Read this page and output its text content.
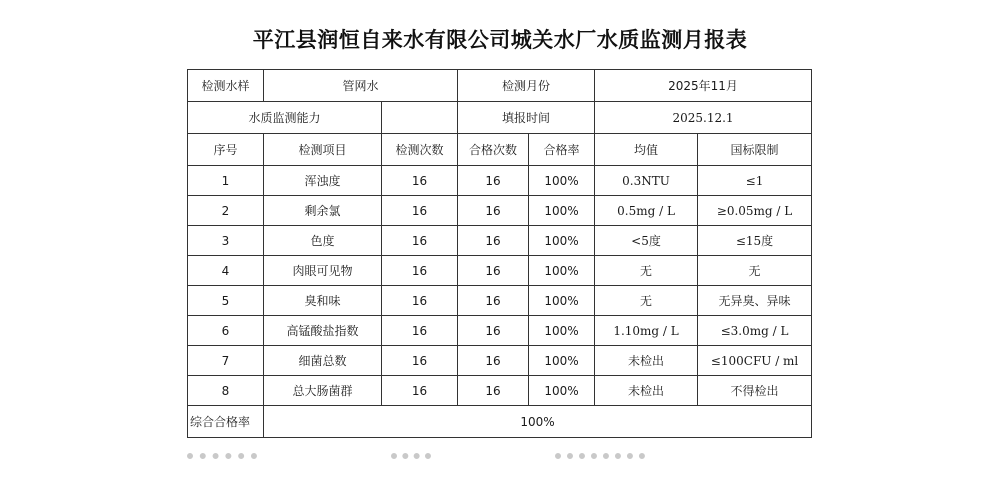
平江县润恒自来水有限公司城关水厂水质监测月报表
检测水样	管网水		检测月份		2025年11月	
水质监测能力			填报时间		2025.12.1	
序号	检测项目	检测次数	合格次数	合格率	均值	国标限制
1	浑浊度	16	16	100%	0.3NTU	≤1
2	剩余氯	16	16	100%	0.5mg / L	≥0.05mg / L
3	色度	16	16	100%	<5度	≤15度
4	肉眼可见物	16	16	100%	无	无
5	臭和味	16	16	100%	无	无异臭、异味
6	高锰酸盐指数	16	16	100%	1.10mg / L	≤3.0mg / L
7	细菌总数	16	16	100%	未检出	≤100CFU / ml
8	总大肠菌群	16	16	100%	未检出	不得检出
综合合格率	100%					
